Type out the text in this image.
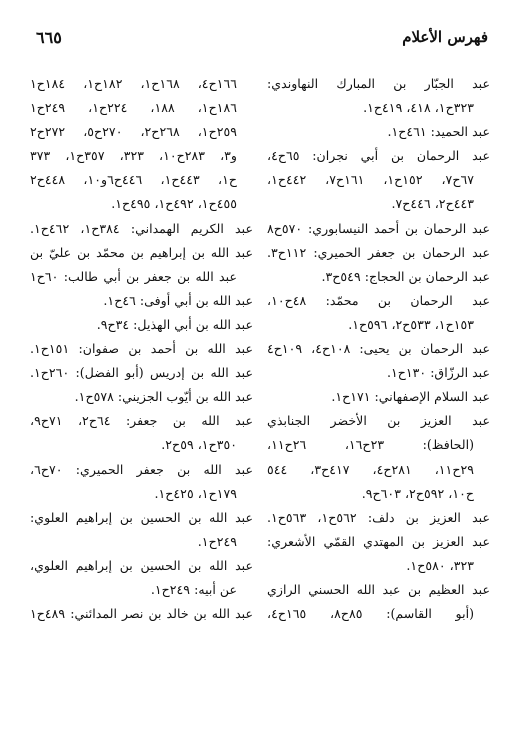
فهرس الأعلام
٦٦٥
عبد الجبّار بن المبارك النهاوندي:
٣٢٣ح١، ٤١٨، ٤١٩ح١.
عبد الحميد: ٤٦١ح١.
عبد الرحمان بن أبي نجران: ٦٥ح٤،
٦٧ح٧، ١٥٢ح١، ١٦١ح٧، ٤٤٢ح١،
٤٤٣ح٢، ٤٤٦ح٧.
عبد الرحمان بن أحمد النيسابوري: ٥٧٠ح٨
عبد الرحمان بن جعفر الحميري: ١١٢ح٣.
عبد الرحمان بن الحجاج: ٥٤٩ح٣.
عبد الرحمان بن محمّد: ٤٨ح١٠،
١٥٣ح١، ٥٣٣ح٢، ٥٩٦ح١.
عبد الرحمان بن يحيى: ١٠٨ح٤، ١٠٩ح٤
عبد الرزّاق: ١٣٠ح١.
عبد السلام الإصفهاني: ١٧١ح١.
عبد العزيز بن الأخضر الجنابذي
(الحافظ): ٢٣ح١٦، ٢٦ح١١،
٢٩ح١١، ٢٨١ح٤، ٤١٧ح٣، ٥٤٤
ح١٠، ٥٩٢ح٢، ٦٠٣ح٩.
عبد العزيز بن دلف: ٥٦٢ح١، ٥٦٣ح١.
عبد العزيز بن المهتدي القمّي الأشعري:
٣٢٣، ٥٨٠ح١.
عبد العظيم بن عبد الله الحسني الرازي
(أبو القاسم): ٨٥ح٨، ١٦٥ح٤،
١٦٦ح٤، ١٦٨ح١، ١٨٢ح١، ١٨٤ح١
١٨٦ح١، ١٨٨، ٢٢٤ح١، ٢٤٩ح١
٢٥٩ح١، ٢٦٨ح٢، ٢٧٠ح٥، ٢٧٢ح٢
و٣، ٢٨٣ح١٠، ٣٢٣، ٣٥٧ح١، ٣٧٣
ح١، ٤٤٣ح١، ٤٤٦ح٦و١٠، ٤٤٨ح٢
٤٥٥ح١، ٤٩٢ح١، ٤٩٥ح١.
عبد الكريم الهمداني: ٣٨٤ح١، ٤٦٢ح١.
عبد الله بن إبراهيم بن محمّد بن عليّ بن
عبد الله بن جعفر بن أبي طالب: ٦٠ح١
عبد الله بن أبي أوفى: ٤٦ح١.
عبد الله بن أبي الهذيل: ٣٤ح٩.
عبد الله بن أحمد بن صفوان: ١٥١ح١.
عبد الله بن إدريس (أبو الفضل): ٢٦٠ح١.
عبد الله بن أيّوب الجزيني: ٥٧٨ح١.
عبد الله بن جعفر: ٦٤ح٢، ٧١ح٩،
٣٥٠ح١، ٥٩ح٢.
عبد الله بن جعفر الحميري: ٧٠ح٦،
١٧٩ح١، ٤٢٥ح١.
عبد الله بن الحسين بن إبراهيم العلوي:
٢٤٩ح١.
عبد الله بن الحسين بن إبراهيم العلوي،
عن أبيه: ٢٤٩ح١.
عبد الله بن خالد بن نصر المدائني: ٤٨٩ح١
